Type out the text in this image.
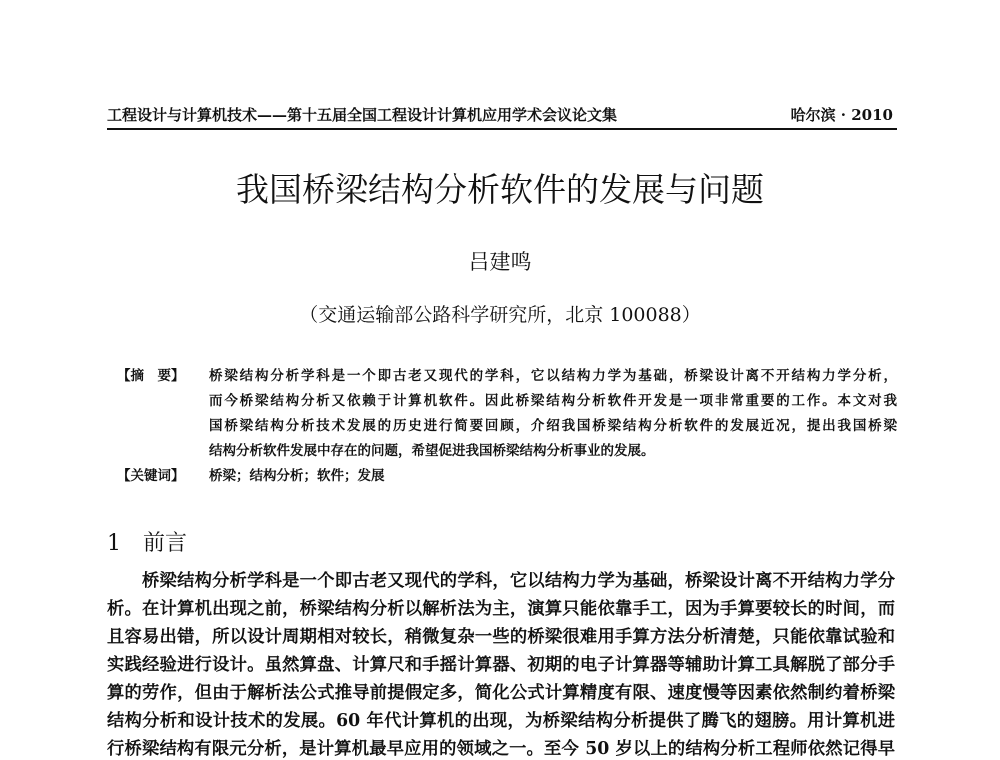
工程设计与计算机技术——第十五届全国工程设计计算机应用学术会议论文集	哈尔滨 · 2010
我国桥梁结构分析软件的发展与问题
吕建鸣
（交通运输部公路科学研究所，北京 100088）
【摘　要】 桥梁结构分析学科是一个即古老又现代的学科，它以结构力学为基础，桥梁设计离不开结构力学分析，
而今桥梁结构分析又依赖于计算机软件。因此桥梁结构分析软件开发是一项非常重要的工作。本文对我
国桥梁结构分析技术发展的历史进行简要回顾，介绍我国桥梁结构分析软件的发展近况，提出我国桥梁
结构分析软件发展中存在的问题，希望促进我国桥梁结构分析事业的发展。
【关键词】 桥梁；结构分析；软件；发展
1　前言
　　桥梁结构分析学科是一个即古老又现代的学科，它以结构力学为基础，桥梁设计离不开结构力学分
析。在计算机出现之前，桥梁结构分析以解析法为主，演算只能依靠手工，因为手算要较长的时间，而
且容易出错，所以设计周期相对较长，稍微复杂一些的桥梁很难用手算方法分析清楚，只能依靠试验和
实践经验进行设计。虽然算盘、计算尺和手摇计算器、初期的电子计算器等辅助计算工具解脱了部分手
算的劳作，但由于解析法公式推导前提假定多，简化公式计算精度有限、速度慢等因素依然制约着桥梁
结构分析和设计技术的发展。60 年代计算机的出现，为桥梁结构分析提供了腾飞的翅膀。用计算机进
行桥梁结构有限元分析，是计算机最早应用的领域之一。至今 50 岁以上的结构分析工程师依然记得早
